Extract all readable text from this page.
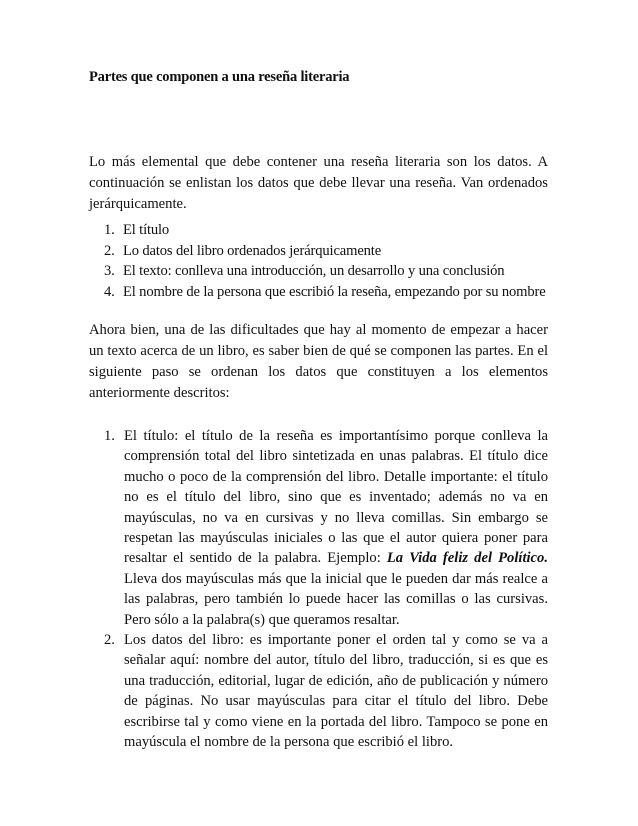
Partes que componen a una reseña literaria

Lo más elemental que debe contener una reseña literaria son los datos. A continuación se enlistan los datos que debe llevar una reseña. Van ordenados jerárquicamente.

1. El título
2. Lo datos del libro ordenados jerárquicamente
3. El texto: conlleva una introducción, un desarrollo y una conclusión
4. El nombre de la persona que escribió la reseña, empezando por su nombre

Ahora bien, una de las dificultades que hay al momento de empezar a hacer un texto acerca de un libro, es saber bien de qué se componen las partes. En el siguiente paso se ordenan los datos que constituyen a los elementos anteriormente descritos:

1. El título: el título de la reseña es importantísimo porque conlleva la comprensión total del libro sintetizada en unas palabras. El título dice mucho o poco de la comprensión del libro. Detalle importante: el título no es el título del libro, sino que es inventado; además no va en mayúsculas, no va en cursivas y no lleva comillas. Sin embargo se respetan las mayúsculas iniciales o las que el autor quiera poner para resaltar el sentido de la palabra. Ejemplo: La Vida feliz del Político. Lleva dos mayúsculas más que la inicial que le pueden dar más realce a las palabras, pero también lo puede hacer las comillas o las cursivas. Pero sólo a la palabra(s) que queramos resaltar.
2. Los datos del libro: es importante poner el orden tal y como se va a señalar aquí: nombre del autor, título del libro, traducción, si es que es una traducción, editorial, lugar de edición, año de publicación y número de páginas. No usar mayúsculas para citar el título del libro. Debe escribirse tal y como viene en la portada del libro. Tampoco se pone en mayúscula el nombre de la persona que escribió el libro.
